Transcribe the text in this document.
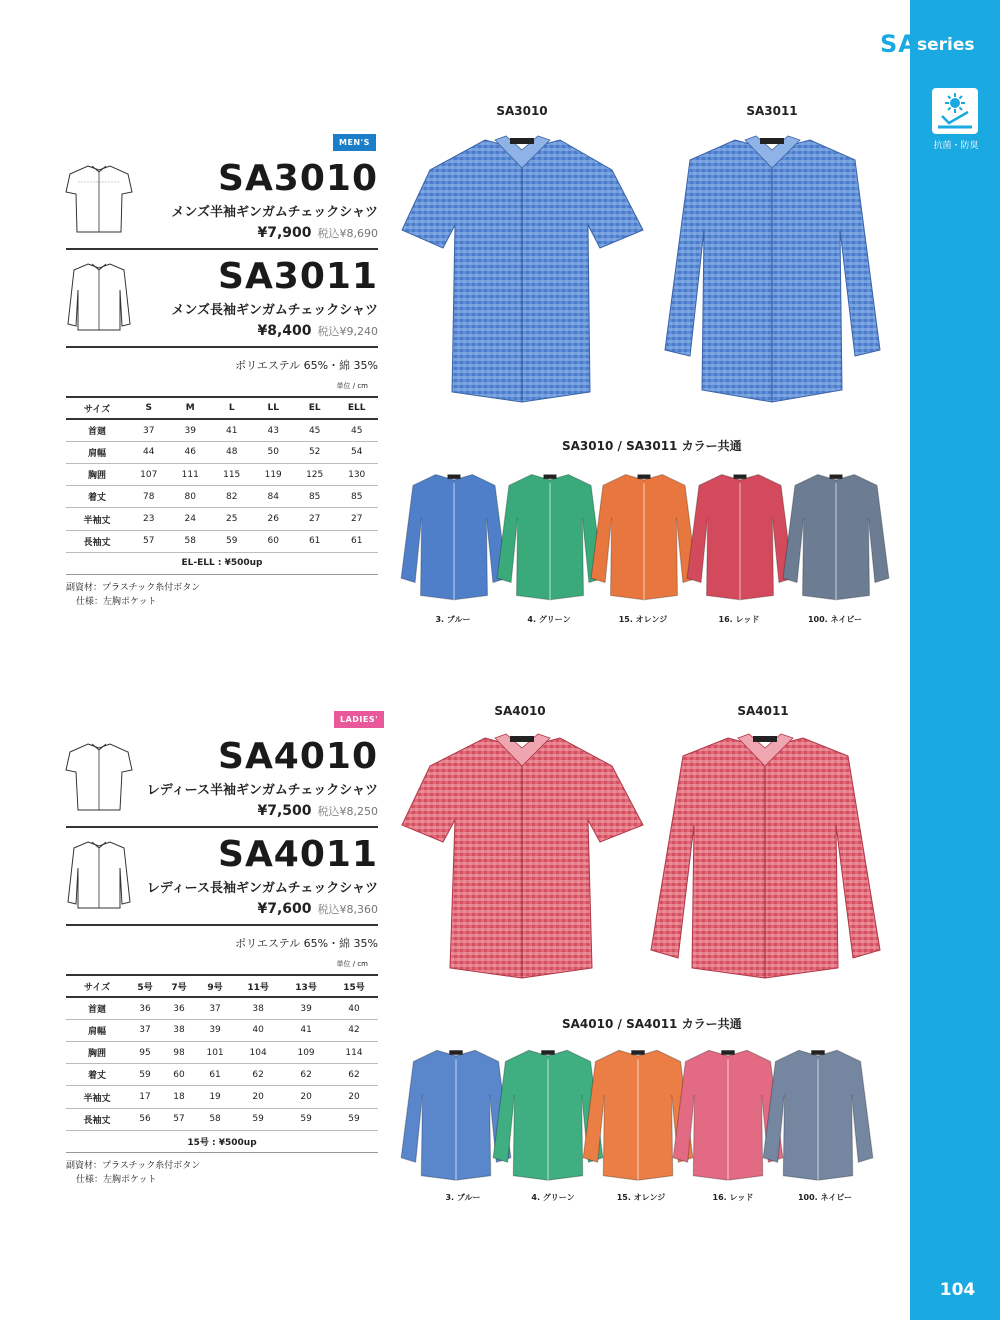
SA series
抗菌・防臭
104
MEN'S
SA3010
メンズ半袖ギンガムチェックシャツ
¥7,900 税込¥8,690
SA3011
メンズ長袖ギンガムチェックシャツ
¥8,400 税込¥9,240
ポリエステル 65%・綿 35%
単位 / cm
サイズ	S	M	L	LL	EL	ELL
首廻	37	39	41	43	45	45
肩幅	44	46	48	50	52	54
胸囲	107	111	115	119	125	130
着丈	78	80	82	84	85	85
半袖丈	23	24	25	26	27	27
長袖丈	57	58	59	60	61	61
EL-ELL : ¥500up						
副資材：プラスチック糸付ボタン
仕様：左胸ポケット
SA3010	SA3011
SA3010 / SA3011 カラー共通
3. ブルー	4. グリーン	15. オレンジ	16. レッド	100. ネイビー
LADIES'
SA4010
レディース半袖ギンガムチェックシャツ
¥7,500 税込¥8,250
SA4011
レディース長袖ギンガムチェックシャツ
¥7,600 税込¥8,360
ポリエステル 65%・綿 35%
単位 / cm
サイズ	5号	7号	9号	11号	13号	15号
首廻	36	36	37	38	39	40
肩幅	37	38	39	40	41	42
胸囲	95	98	101	104	109	114
着丈	59	60	61	62	62	62
半袖丈	17	18	19	20	20	20
長袖丈	56	57	58	59	59	59
15号 : ¥500up						
副資材：プラスチック糸付ボタン
仕様：左胸ポケット
SA4010	SA4011
SA4010 / SA4011 カラー共通
3. ブルー	4. グリーン	15. オレンジ	16. レッド	100. ネイビー
